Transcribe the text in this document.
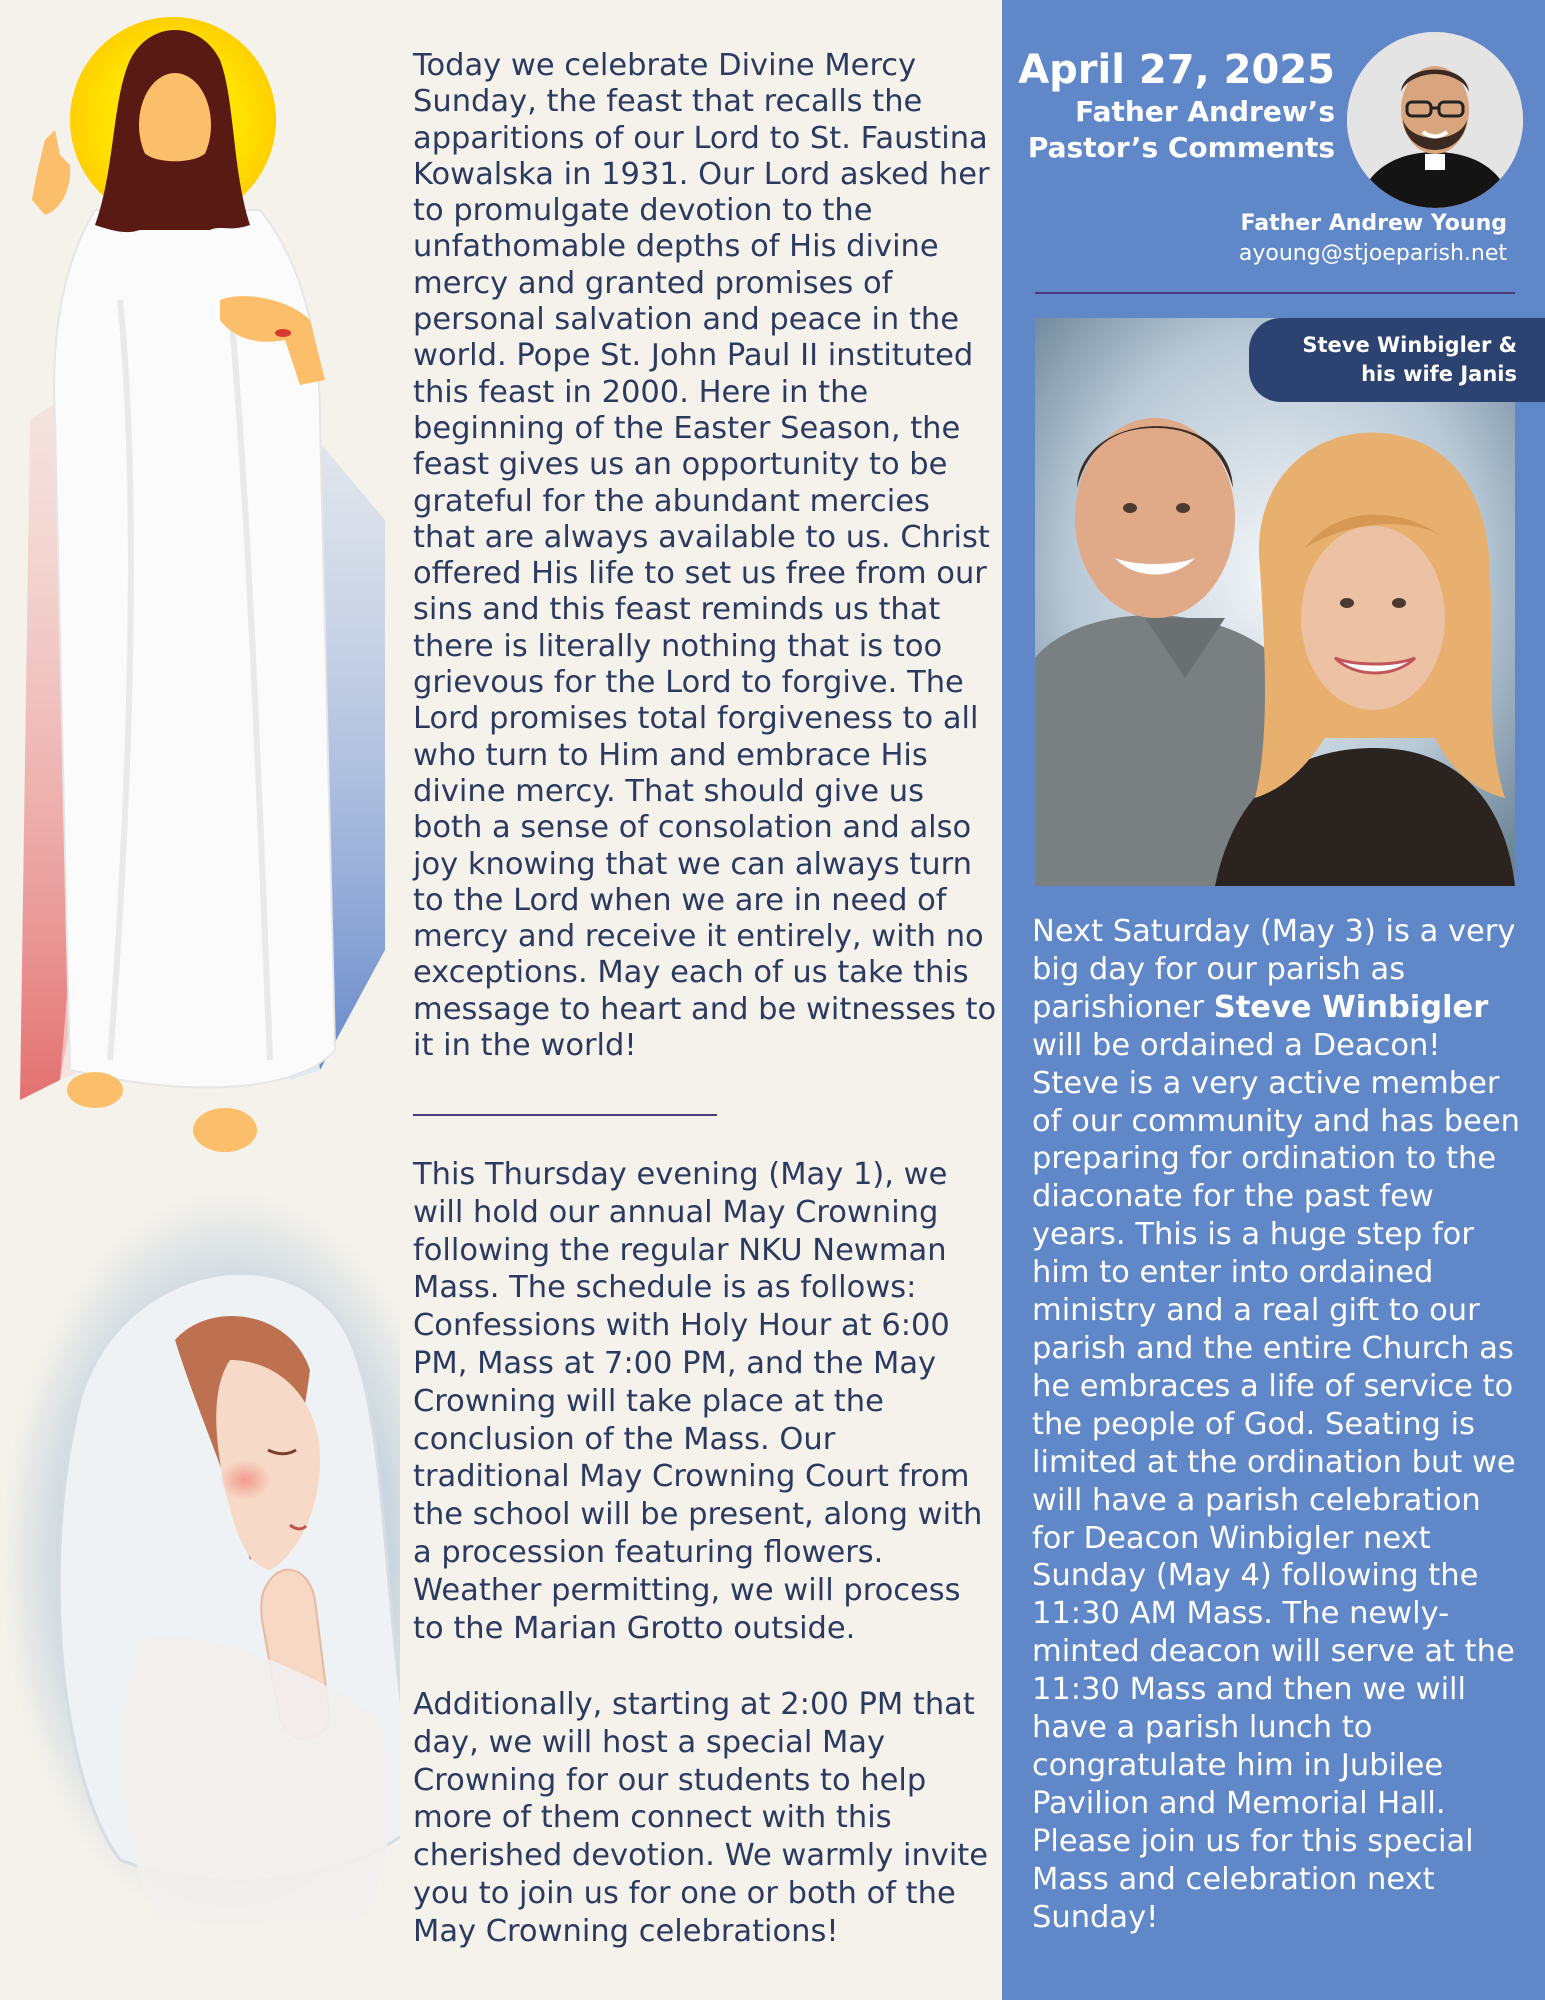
Today we celebrate Divine Mercy Sunday, the feast that recalls the apparitions of our Lord to St. Faustina Kowalska in 1931. Our Lord asked her to promulgate devotion to the unfathomable depths of His divine mercy and granted promises of personal salvation and peace in the world. Pope St. John Paul II instituted this feast in 2000. Here in the beginning of the Easter Season, the feast gives us an opportunity to be grateful for the abundant mercies that are always available to us. Christ offered His life to set us free from our sins and this feast reminds us that there is literally nothing that is too grievous for the Lord to forgive. The Lord promises total forgiveness to all who turn to Him and embrace His divine mercy. That should give us both a sense of consolation and also joy knowing that we can always turn to the Lord when we are in need of mercy and receive it entirely, with no exceptions. May each of us take this message to heart and be witnesses to it in the world!

This Thursday evening (May 1), we will hold our annual May Crowning following the regular NKU Newman Mass. The schedule is as follows: Confessions with Holy Hour at 6:00 PM, Mass at 7:00 PM, and the May Crowning will take place at the conclusion of the Mass. Our traditional May Crowning Court from the school will be present, along with a procession featuring flowers. Weather permitting, we will process to the Marian Grotto outside.

Additionally, starting at 2:00 PM that day, we will host a special May Crowning for our students to help more of them connect with this cherished devotion. We warmly invite you to join us for one or both of the May Crowning celebrations!

April 27, 2025
Father Andrew’s
Pastor’s Comments
Father Andrew Young
ayoung@stjoeparish.net
Steve Winbigler &
his wife Janis

Next Saturday (May 3) is a very big day for our parish as parishioner Steve Winbigler will be ordained a Deacon! Steve is a very active member of our community and has been preparing for ordination to the diaconate for the past few years. This is a huge step for him to enter into ordained ministry and a real gift to our parish and the entire Church as he embraces a life of service to the people of God. Seating is limited at the ordination but we will have a parish celebration for Deacon Winbigler next Sunday (May 4) following the 11:30 AM Mass. The newly-minted deacon will serve at the 11:30 Mass and then we will have a parish lunch to congratulate him in Jubilee Pavilion and Memorial Hall. Please join us for this special Mass and celebration next Sunday!
